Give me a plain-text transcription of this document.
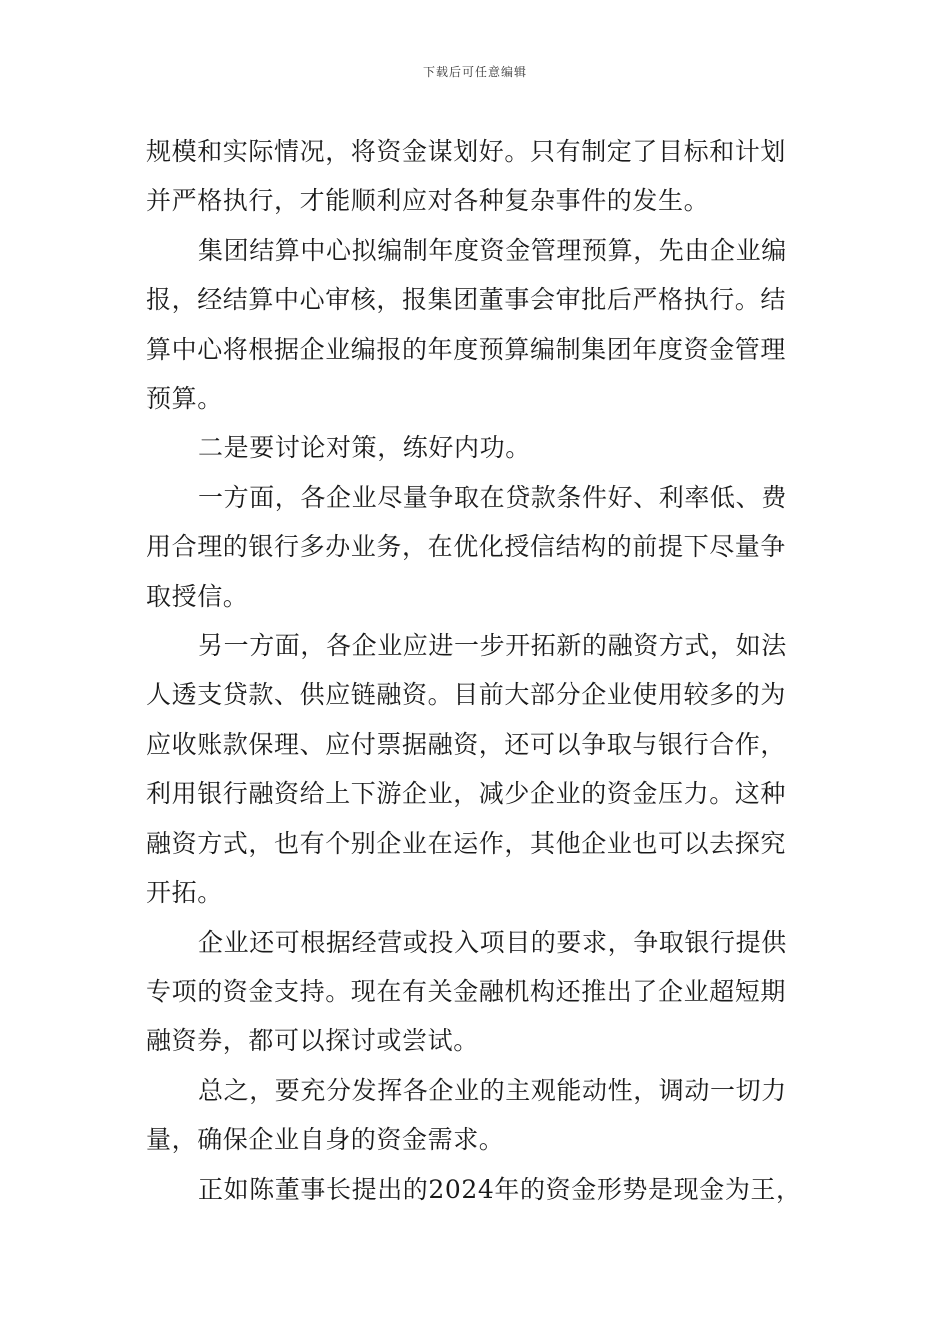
下载后可任意编辑

规模和实际情况，将资金谋划好。只有制定了目标和计划
并严格执行，才能顺利应对各种复杂事件的发生。

集团结算中心拟编制年度资金管理预算，先由企业编
报，经结算中心审核，报集团董事会审批后严格执行。结
算中心将根据企业编报的年度预算编制集团年度资金管理
预算。

二是要讨论对策，练好内功。

一方面，各企业尽量争取在贷款条件好、利率低、费
用合理的银行多办业务，在优化授信结构的前提下尽量争
取授信。

另一方面，各企业应进一步开拓新的融资方式，如法
人透支贷款、供应链融资。目前大部分企业使用较多的为
应收账款保理、应付票据融资，还可以争取与银行合作，
利用银行融资给上下游企业，减少企业的资金压力。这种
融资方式，也有个别企业在运作，其他企业也可以去探究
开拓。

企业还可根据经营或投入项目的要求，争取银行提供
专项的资金支持。现在有关金融机构还推出了企业超短期
融资券，都可以探讨或尝试。

总之，要充分发挥各企业的主观能动性，调动一切力
量，确保企业自身的资金需求。

正如陈董事长提出的2024年的资金形势是现金为王，
